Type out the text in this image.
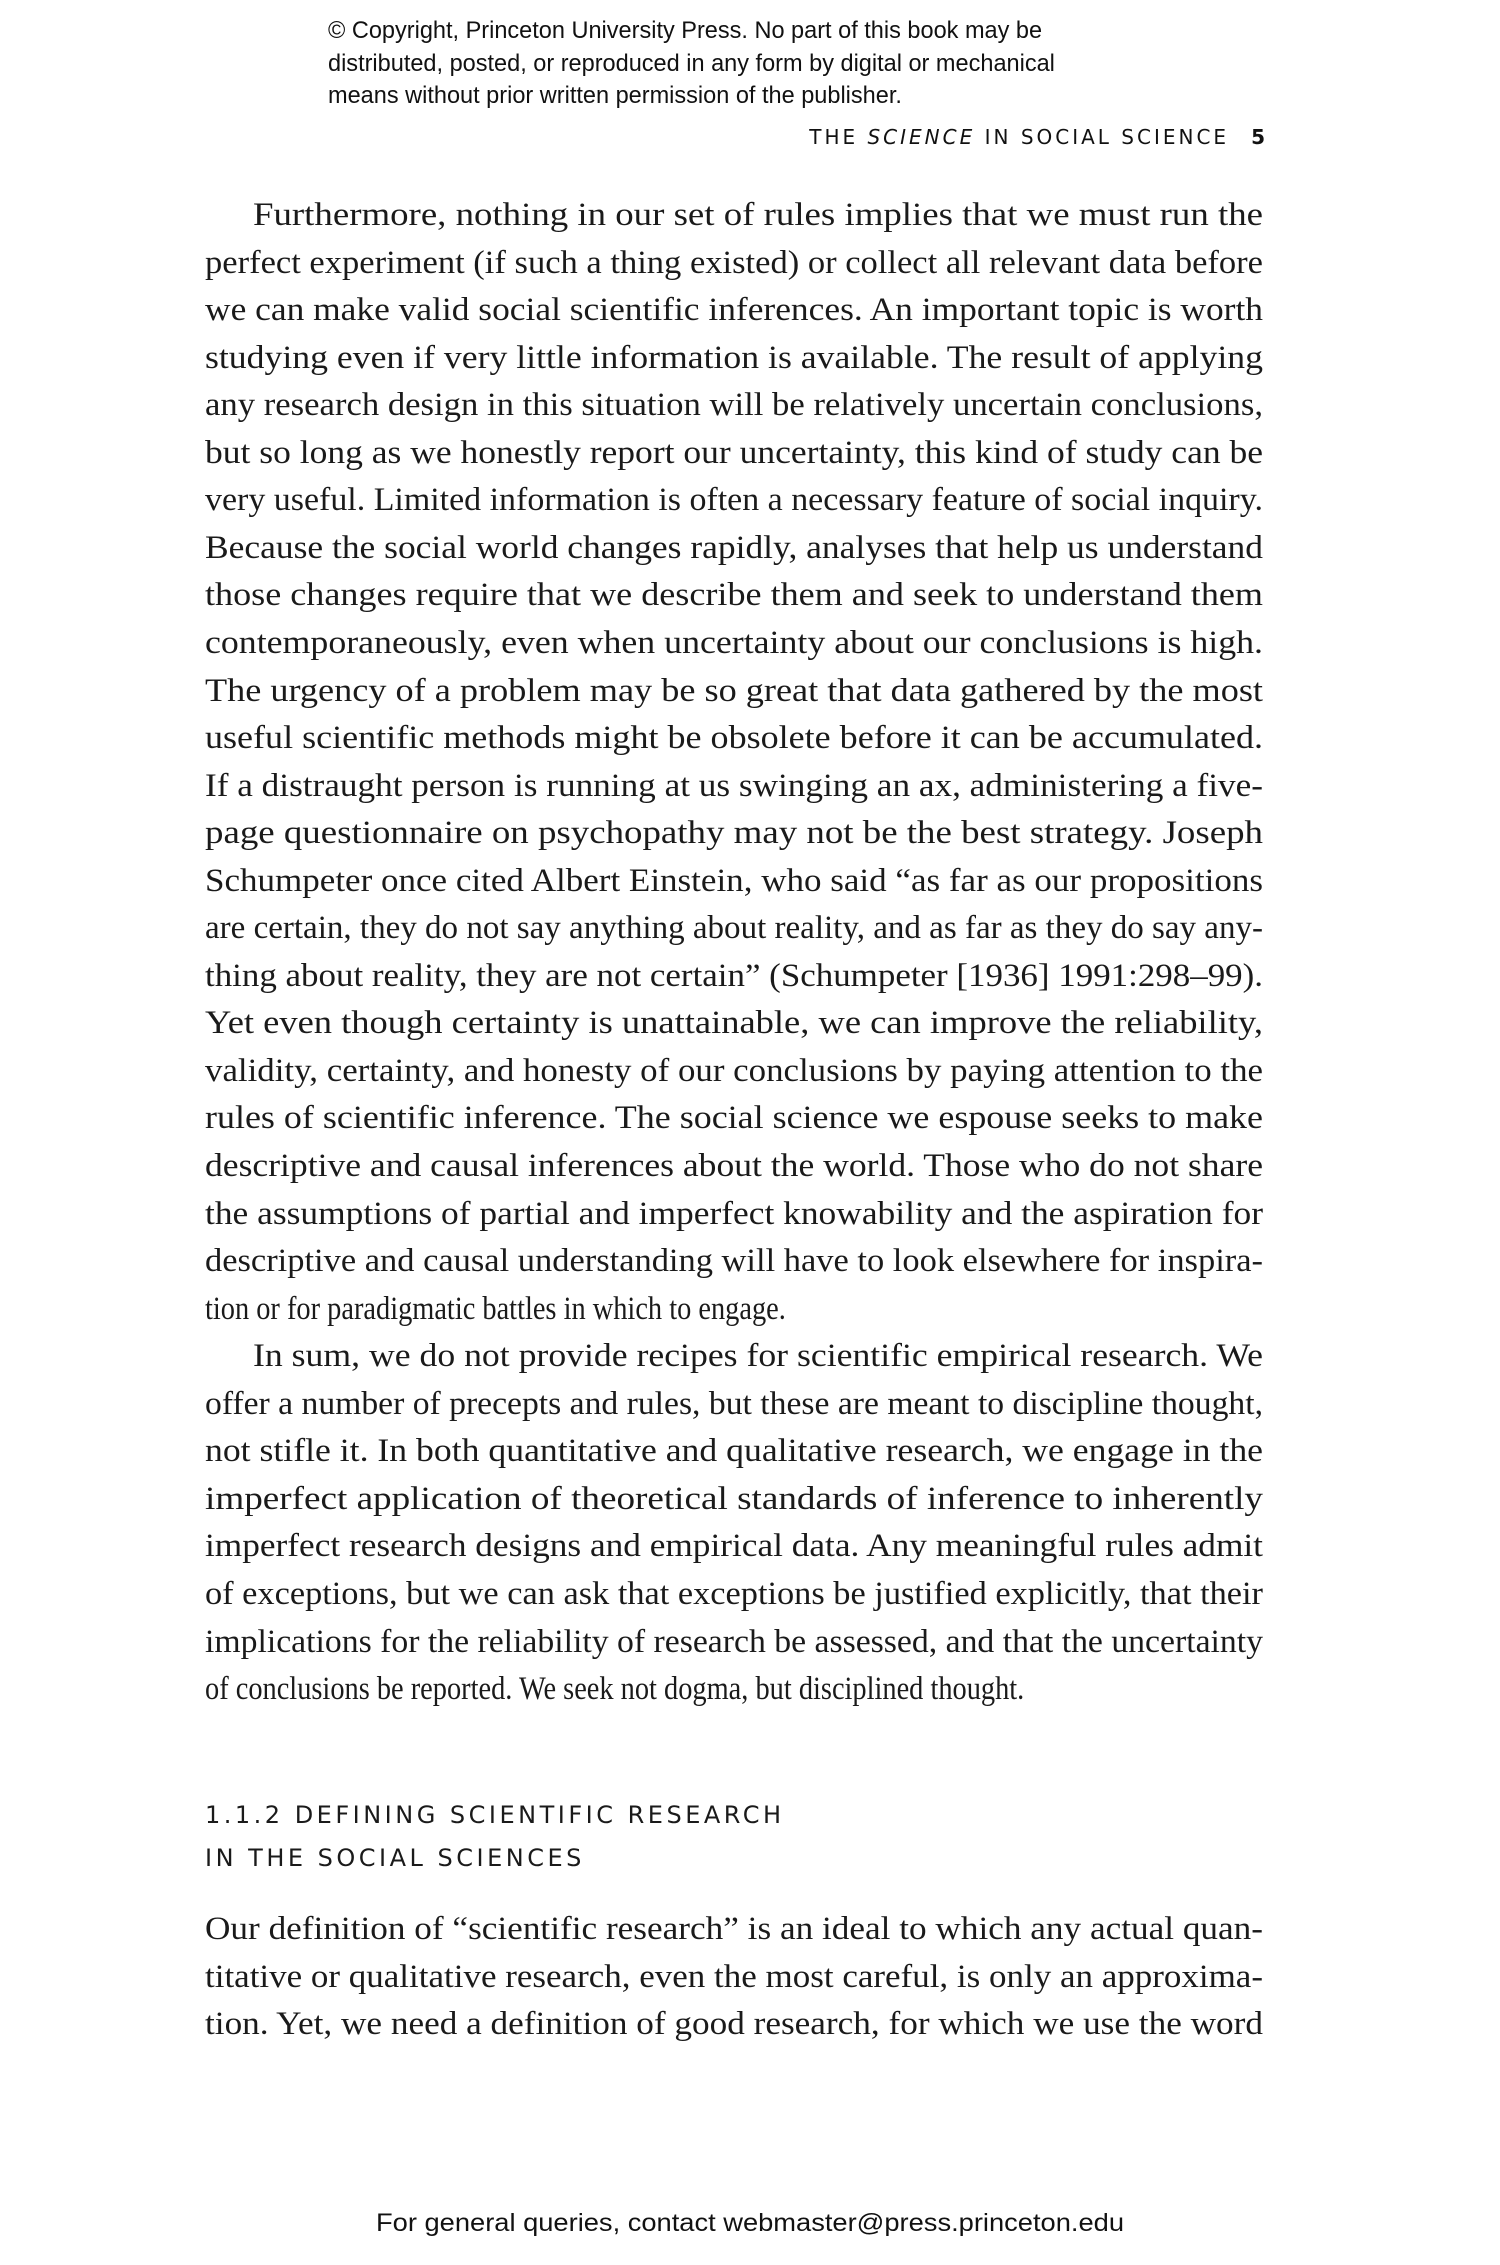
© Copyright, Princeton University Press. No part of this book may be
distributed, posted, or reproduced in any form by digital or mechanical
means without prior written permission of the publisher.
THE SCIENCE IN SOCIAL SCIENCE 5
Furthermore, nothing in our set of rules implies that we must run the
perfect experiment (if such a thing existed) or collect all relevant data before
we can make valid social scientific inferences. An important topic is worth
studying even if very little information is available. The result of applying
any research design in this situation will be relatively uncertain conclusions,
but so long as we honestly report our uncertainty, this kind of study can be
very useful. Limited information is often a necessary feature of social inquiry.
Because the social world changes rapidly, analyses that help us understand
those changes require that we describe them and seek to understand them
contemporaneously, even when uncertainty about our conclusions is high.
The urgency of a problem may be so great that data gathered by the most
useful scientific methods might be obsolete before it can be accumulated.
If a distraught person is running at us swinging an ax, administering a five-
page questionnaire on psychopathy may not be the best strategy. Joseph
Schumpeter once cited Albert Einstein, who said “as far as our propositions
are certain, they do not say anything about reality, and as far as they do say any-
thing about reality, they are not certain” (Schumpeter [1936] 1991:298–99).
Yet even though certainty is unattainable, we can improve the reliability,
validity, certainty, and honesty of our conclusions by paying attention to the
rules of scientific inference. The social science we espouse seeks to make
descriptive and causal inferences about the world. Those who do not share
the assumptions of partial and imperfect knowability and the aspiration for
descriptive and causal understanding will have to look elsewhere for inspira-
tion or for paradigmatic battles in which to engage.
In sum, we do not provide recipes for scientific empirical research. We
offer a number of precepts and rules, but these are meant to discipline thought,
not stifle it. In both quantitative and qualitative research, we engage in the
imperfect application of theoretical standards of inference to inherently
imperfect research designs and empirical data. Any meaningful rules admit
of exceptions, but we can ask that exceptions be justified explicitly, that their
implications for the reliability of research be assessed, and that the uncertainty
of conclusions be reported. We seek not dogma, but disciplined thought.
1.1.2 DEFINING SCIENTIFIC RESEARCH
IN THE SOCIAL SCIENCES
Our definition of “scientific research” is an ideal to which any actual quan-
titative or qualitative research, even the most careful, is only an approxima-
tion. Yet, we need a definition of good research, for which we use the word
For general queries, contact webmaster@press.princeton.edu
